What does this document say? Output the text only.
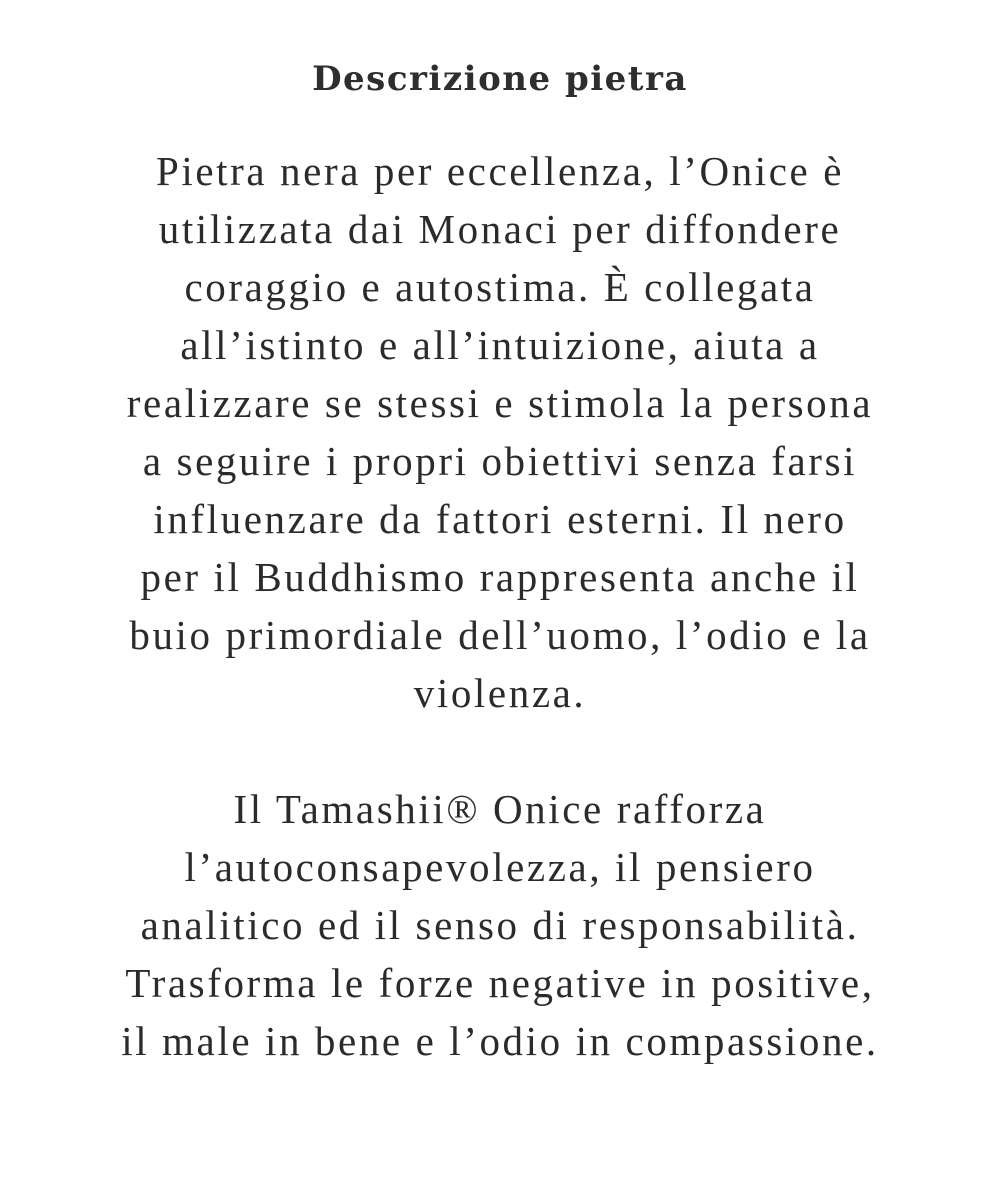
Descrizione pietra

Pietra nera per eccellenza, l’Onice è
utilizzata dai Monaci per diffondere
coraggio e autostima. È collegata
all’istinto e all’intuizione, aiuta a
realizzare se stessi e stimola la persona
a seguire i propri obiettivi senza farsi
influenzare da fattori esterni. Il nero
per il Buddhismo rappresenta anche il
buio primordiale dell’uomo, l’odio e la
violenza.

Il Tamashii® Onice rafforza
l’autoconsapevolezza, il pensiero
analitico ed il senso di responsabilità.
Trasforma le forze negative in positive,
il male in bene e l’odio in compassione.
